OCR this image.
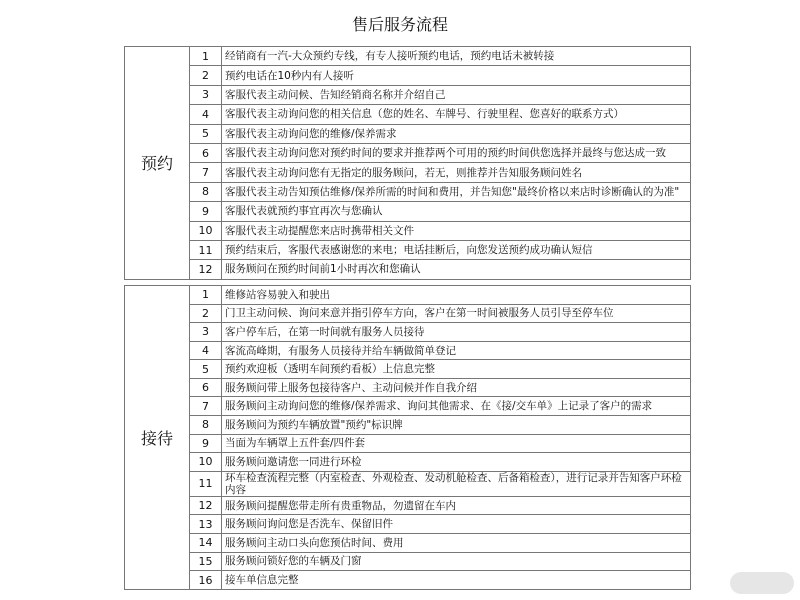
售后服务流程
预约	1	经销商有一汽-大众预约专线，有专人接听预约电话，预约电话未被转接
	2	预约电话在10秒内有人接听
	3	客服代表主动问候、告知经销商名称并介绍自己
	4	客服代表主动询问您的相关信息（您的姓名、车牌号、行驶里程、您喜好的联系方式）
	5	客服代表主动询问您的维修/保养需求
	6	客服代表主动询问您对预约时间的要求并推荐两个可用的预约时间供您选择并最终与您达成一致
	7	客服代表主动询问您有无指定的服务顾问，若无，则推荐并告知服务顾问姓名
	8	客服代表主动告知预估维修/保养所需的时间和费用，并告知您"最终价格以来店时诊断确认的为准"
	9	客服代表就预约事宜再次与您确认
	10	客服代表主动提醒您来店时携带相关文件
	11	预约结束后，客服代表感谢您的来电；电话挂断后，向您发送预约成功确认短信
	12	服务顾问在预约时间前1小时再次和您确认
接待	1	维修站容易驶入和驶出
	2	门卫主动问候、询问来意并指引停车方向，客户在第一时间被服务人员引导至停车位
	3	客户停车后，在第一时间就有服务人员接待
	4	客流高峰期，有服务人员接待并给车辆做简单登记
	5	预约欢迎板（透明车间预约看板）上信息完整
	6	服务顾问带上服务包接待客户、主动问候并作自我介绍
	7	服务顾问主动询问您的维修/保养需求、询问其他需求、在《接/交车单》上记录了客户的需求
	8	服务顾问为预约车辆放置"预约"标识牌
	9	当面为车辆罩上五件套/四件套
	10	服务顾问邀请您一同进行环检
	11	环车检查流程完整（内室检查、外观检查、发动机舱检查、后备箱检查），进行记录并告知客户环检内容
	12	服务顾问提醒您带走所有贵重物品，勿遗留在车内
	13	服务顾问询问您是否洗车、保留旧件
	14	服务顾问主动口头向您预估时间、费用
	15	服务顾问锁好您的车辆及门窗
	16	接车单信息完整
